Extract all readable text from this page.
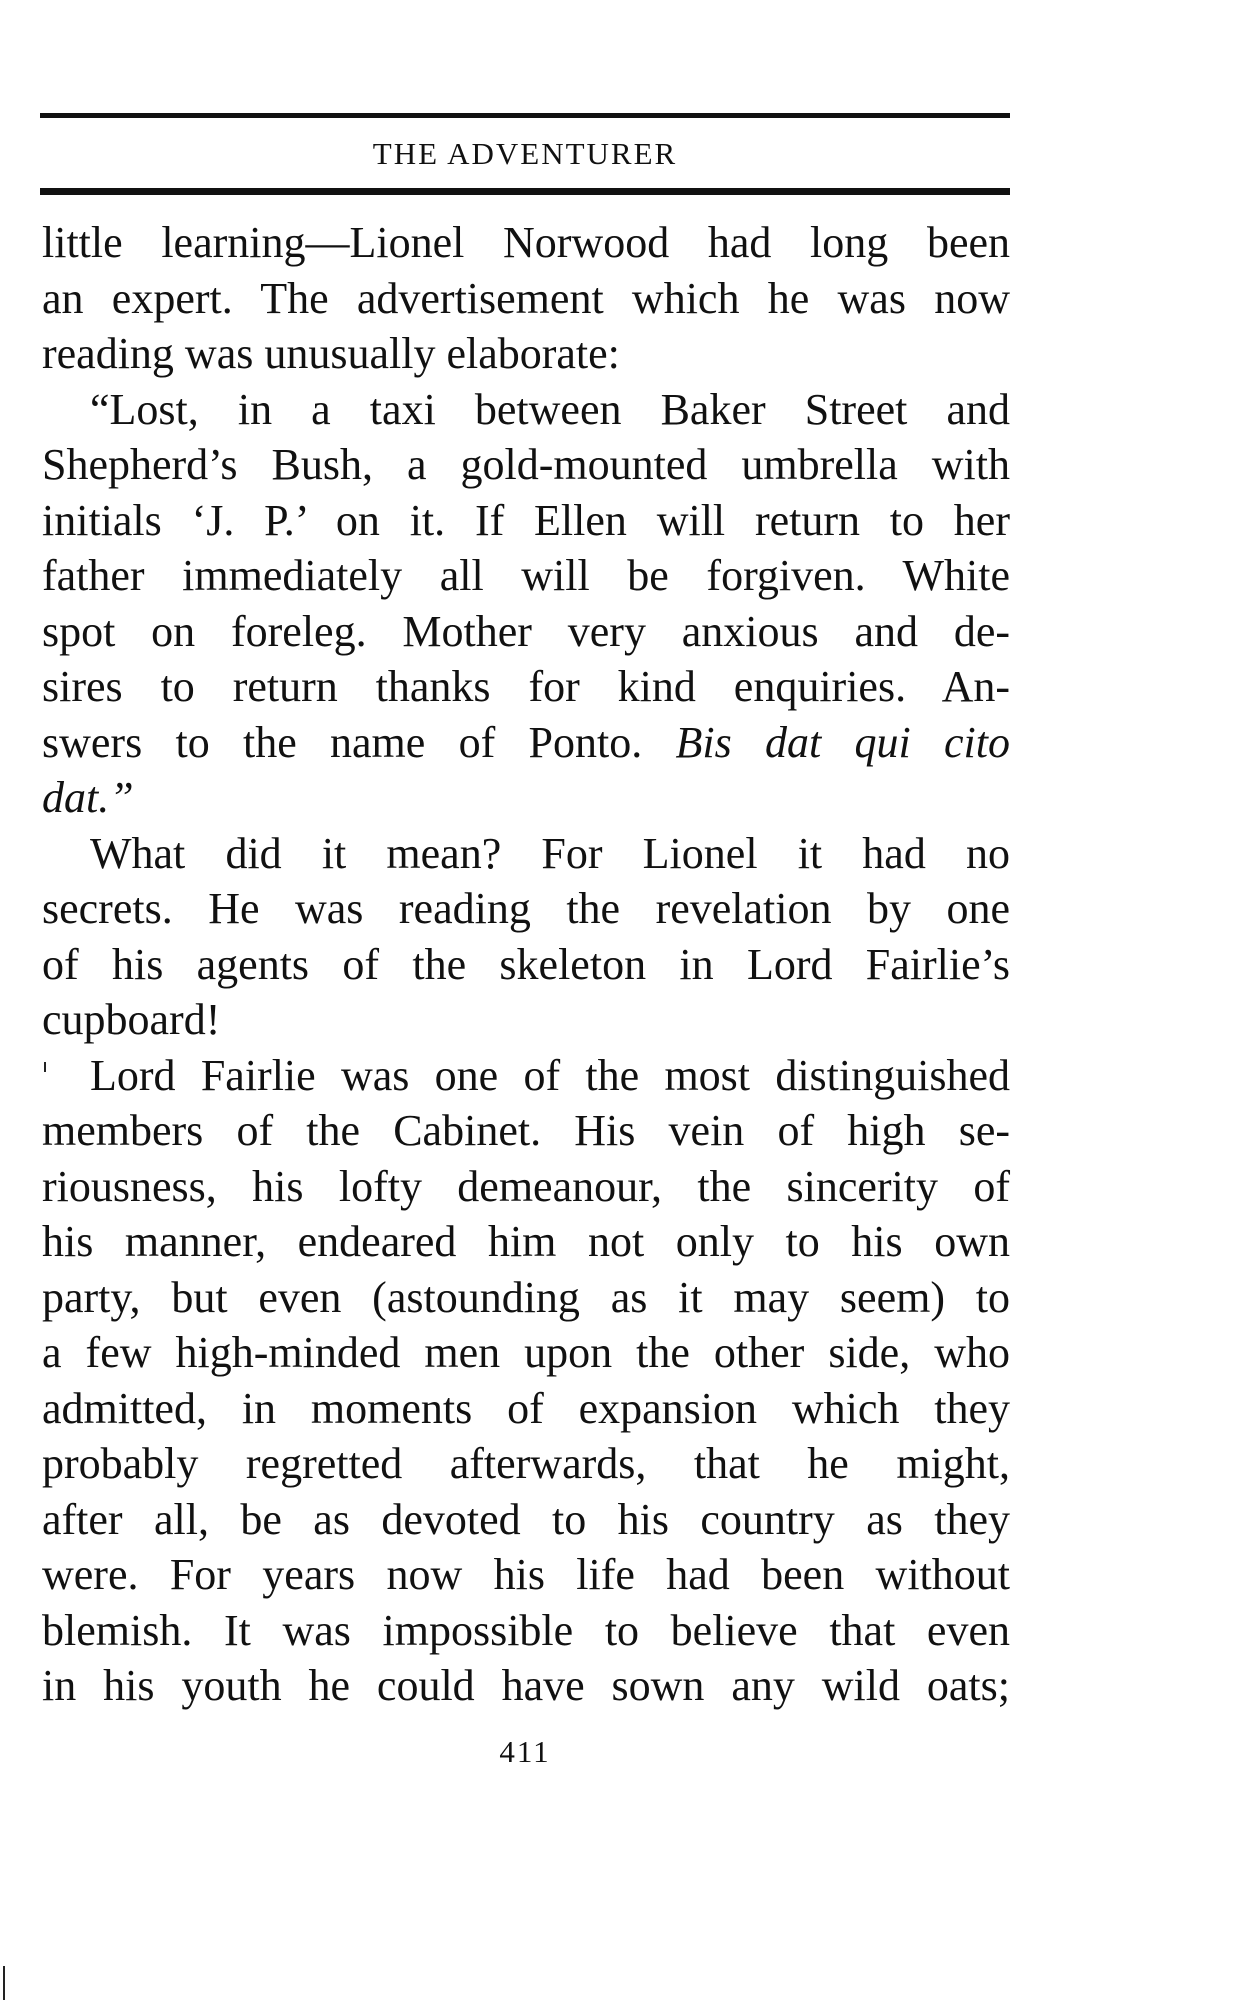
THE ADVENTURER
little learning—Lionel Norwood had long been
an expert. The advertisement which he was now
reading was unusually elaborate:
“Lost, in a taxi between Baker Street and
Shepherd’s Bush, a gold-mounted umbrella with
initials ‘J. P.’ on it. If Ellen will return to her
father immediately all will be forgiven. White
spot on foreleg. Mother very anxious and de-
sires to return thanks for kind enquiries. An-
swers to the name of Ponto. Bis dat qui cito
dat.”
What did it mean? For Lionel it had no
secrets. He was reading the revelation by one
of his agents of the skeleton in Lord Fairlie’s
cupboard!
Lord Fairlie was one of the most distinguished
members of the Cabinet. His vein of high se-
riousness, his lofty demeanour, the sincerity of
his manner, endeared him not only to his own
party, but even (astounding as it may seem) to
a few high-minded men upon the other side, who
admitted, in moments of expansion which they
probably regretted afterwards, that he might,
after all, be as devoted to his country as they
were. For years now his life had been without
blemish. It was impossible to believe that even
in his youth he could have sown any wild oats;
411
